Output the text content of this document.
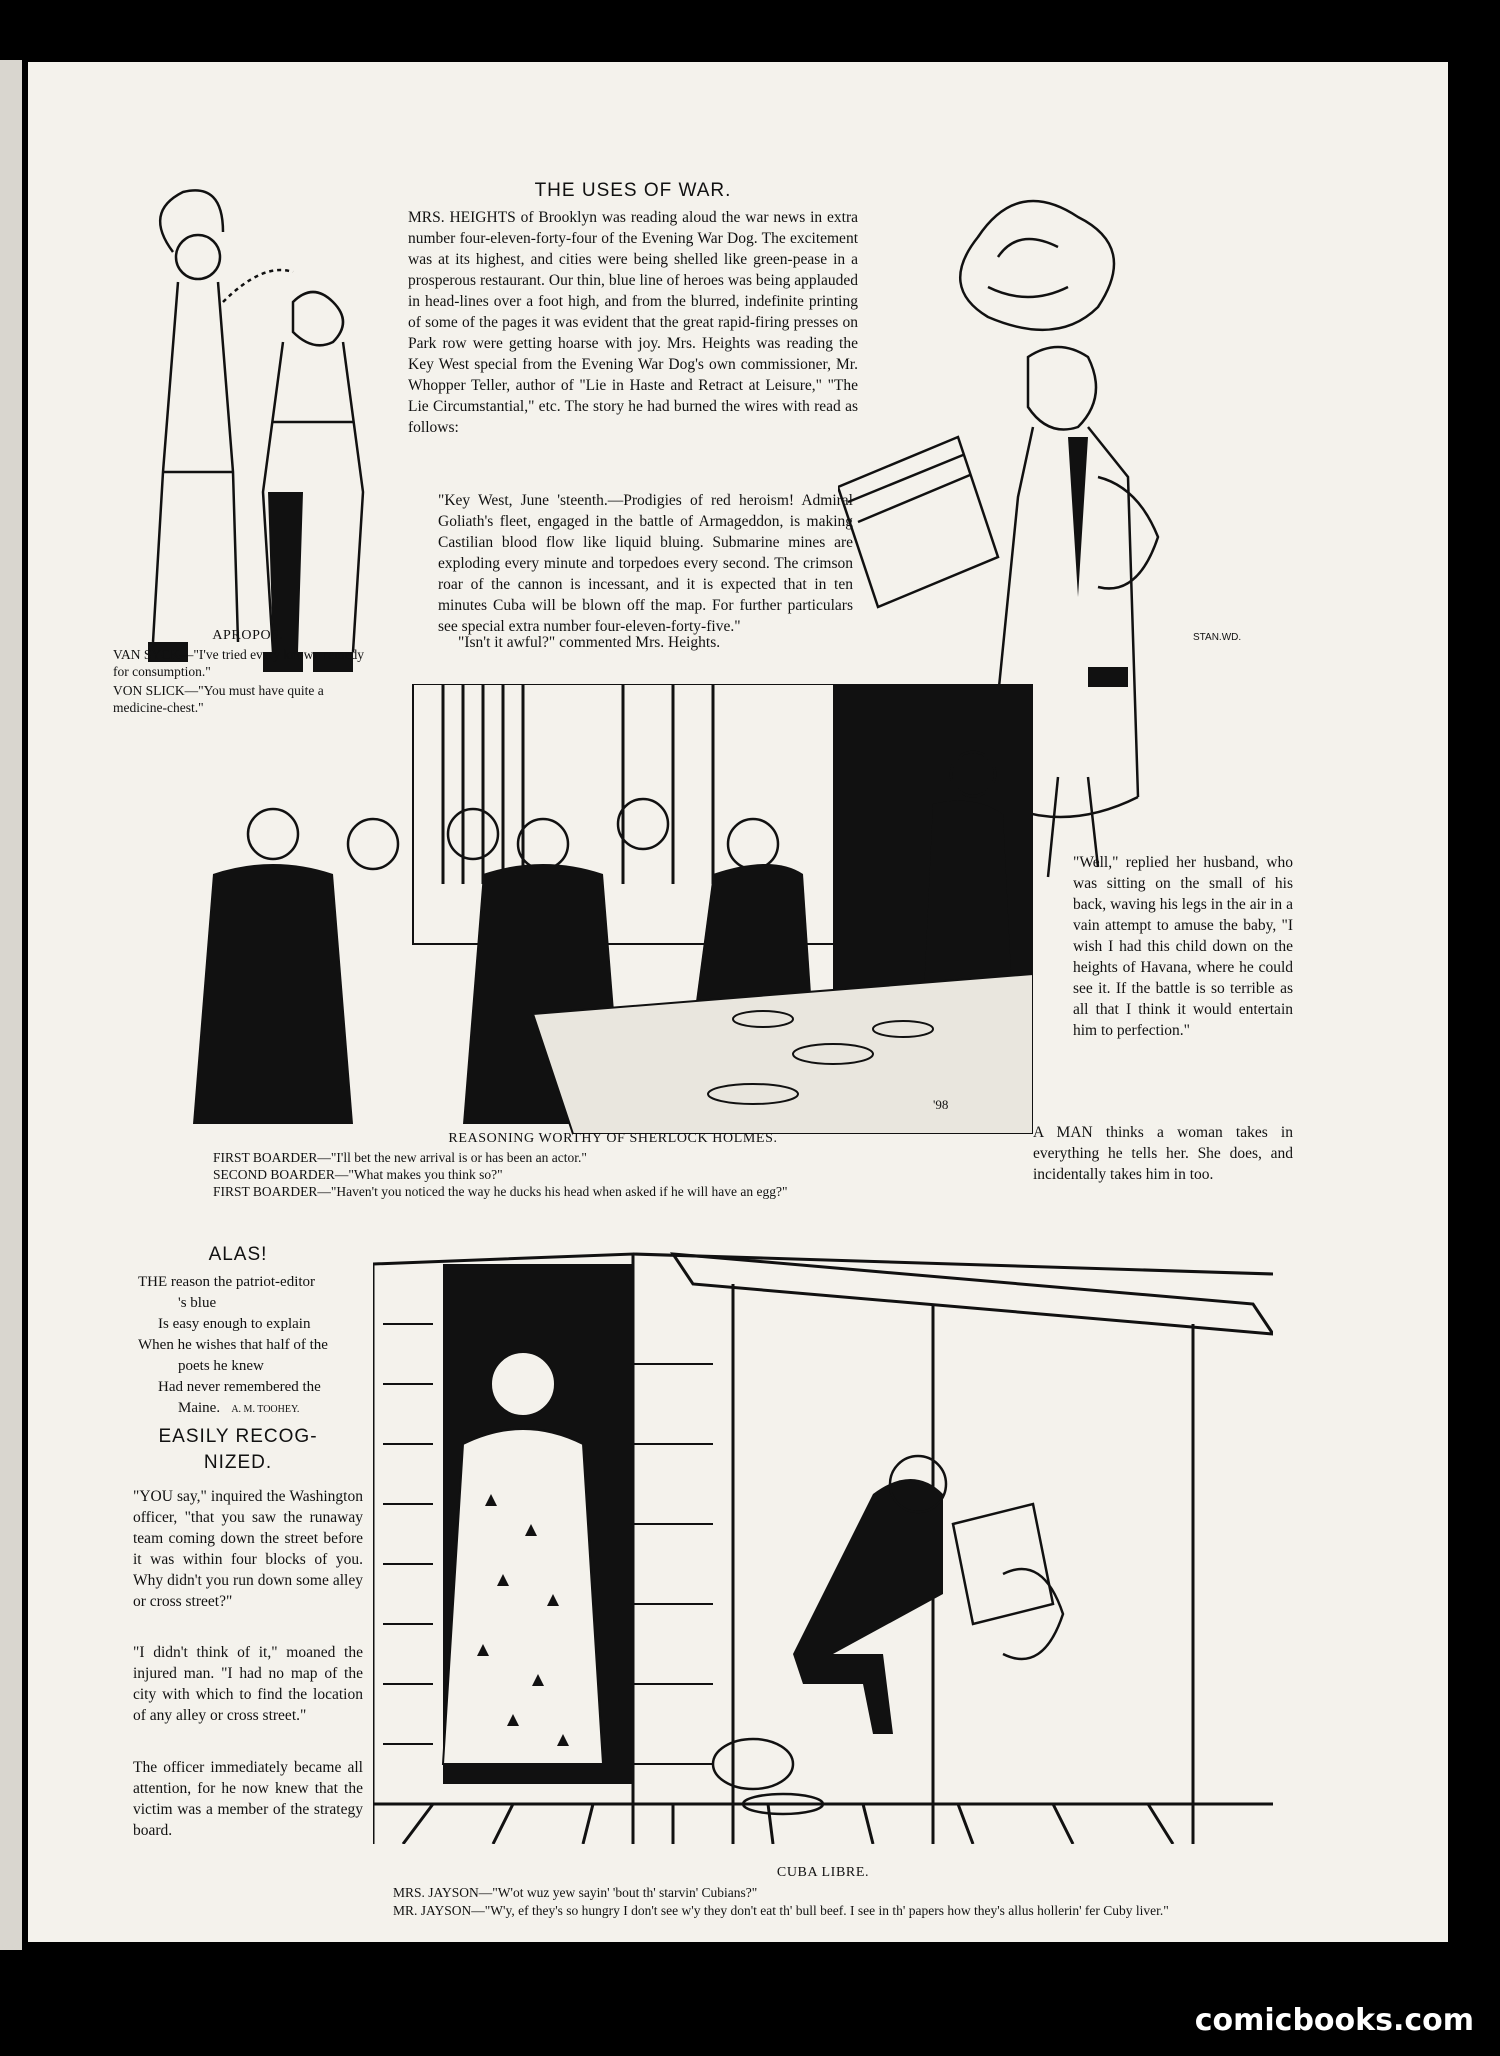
APROPOS.
VAN SYCK—"I've tried every known remedy for consumption."
VON SLICK—"You must have quite a medicine-chest."
THE USES OF WAR.
MRS. HEIGHTS of Brooklyn was reading aloud the war news in extra number four-eleven-forty-four of the Evening War Dog. The excitement was at its highest, and cities were being shelled like green-pease in a prosperous restaurant. Our thin, blue line of heroes was being applauded in head-lines over a foot high, and from the blurred, indefinite printing of some of the pages it was evident that the great rapid-firing presses on Park row were getting hoarse with joy. Mrs. Heights was reading the Key West special from the Evening War Dog's own commissioner, Mr. Whopper Teller, author of "Lie in Haste and Retract at Leisure," "The Lie Circumstantial," etc. The story he had burned the wires with read as follows:
"Key West, June 'steenth.—Prodigies of red heroism! Admiral Goliath's fleet, engaged in the battle of Armageddon, is making Castilian blood flow like liquid bluing. Submarine mines are exploding every minute and torpedoes every second. The crimson roar of the cannon is incessant, and it is expected that in ten minutes Cuba will be blown off the map. For further particulars see special extra number four-eleven-forty-five."
"Isn't it awful?" commented Mrs. Heights.	STAN.WD.
'98
REASONING WORTHY OF SHERLOCK HOLMES.
FIRST BOARDER—"I'll bet the new arrival is or has been an actor."
SECOND BOARDER—"What makes you think so?"
FIRST BOARDER—"Haven't you noticed the way he ducks his head when asked if he will have an egg?"
"Well," replied her husband, who was sitting on the small of his back, waving his legs in the air in a vain attempt to amuse the baby, "I wish I had this child down on the heights of Havana, where he could see it. If the battle is so terrible as all that I think it would entertain him to perfection."
A MAN thinks a woman takes in everything he tells her. She does, and incidentally takes him in too.
ALAS!
THE reason the patriot-editor
's blue
Is easy enough to explain
When he wishes that half of the
poets he knew
Had never remembered the
Maine. A. M. TOOHEY.
EASILY RECOG-
NIZED.
"YOU say," inquired the Washington officer, "that you saw the runaway team coming down the street before it was within four blocks of you. Why didn't you run down some alley or cross street?"
"I didn't think of it," moaned the injured man. "I had no map of the city with which to find the location of any alley or cross street."
The officer immediately became all attention, for he now knew that the victim was a member of the strategy board.
CUBA LIBRE.
MRS. JAYSON—"W'ot wuz yew sayin' 'bout th' starvin' Cubians?"
MR. JAYSON—"W'y, ef they's so hungry I don't see w'y they don't eat th' bull beef. I see in th' papers how they's allus hollerin' fer Cuby liver."
comicbooks.com
